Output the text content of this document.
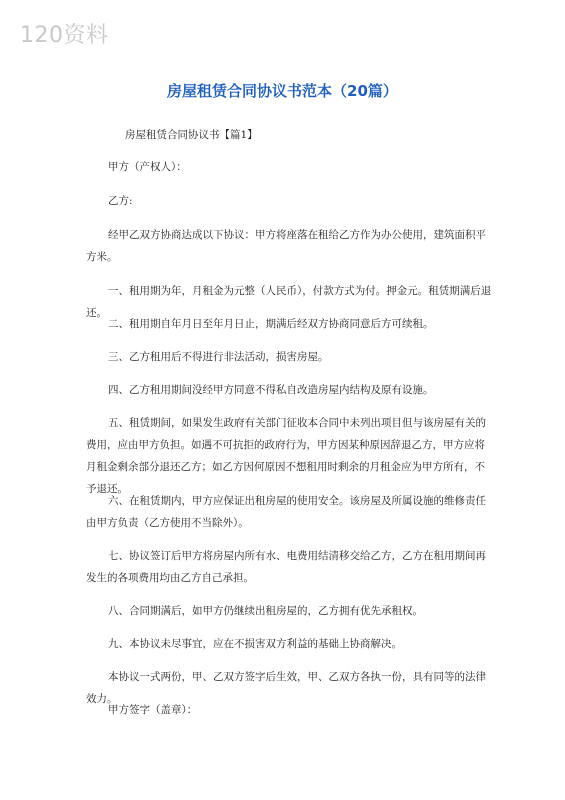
120资料
房屋租赁合同协议书范本（20篇）
房屋租赁合同协议书【篇1】
甲方（产权人）：
乙方:
经甲乙双方协商达成以下协议：甲方将座落在租给乙方作为办公使用，建筑面积平方米。
一、租用期为年，月租金为元整（人民币），付款方式为付。押金元。租赁期满后退还。
二、租用期自年月日至年月日止，期满后经双方协商同意后方可续租。
三、乙方租用后不得进行非法活动，损害房屋。
四、乙方租用期间没经甲方同意不得私自改造房屋内结构及原有设施。
五、租赁期间，如果发生政府有关部门征收本合同中未列出项目但与该房屋有关的费用，应由甲方负担。如遇不可抗拒的政府行为，甲方因某种原因辞退乙方，甲方应将月租金剩余部分退还乙方；如乙方因何原因不想租用时剩余的月租金应为甲方所有，不予退还。
六、在租赁期内，甲方应保证出租房屋的使用安全。该房屋及所属设施的维修责任由甲方负责（乙方使用不当除外）。
七、协议签订后甲方将房屋内所有水、电费用结清移交给乙方，乙方在租用期间再发生的各项费用均由乙方自己承担。
八、合同期满后，如甲方仍继续出租房屋的，乙方拥有优先承租权。
九、本协议未尽事宜，应在不损害双方利益的基础上协商解决。
本协议一式两份，甲、乙双方签字后生效，甲、乙双方各执一份，具有同等的法律效力。
甲方签字（盖章）：
